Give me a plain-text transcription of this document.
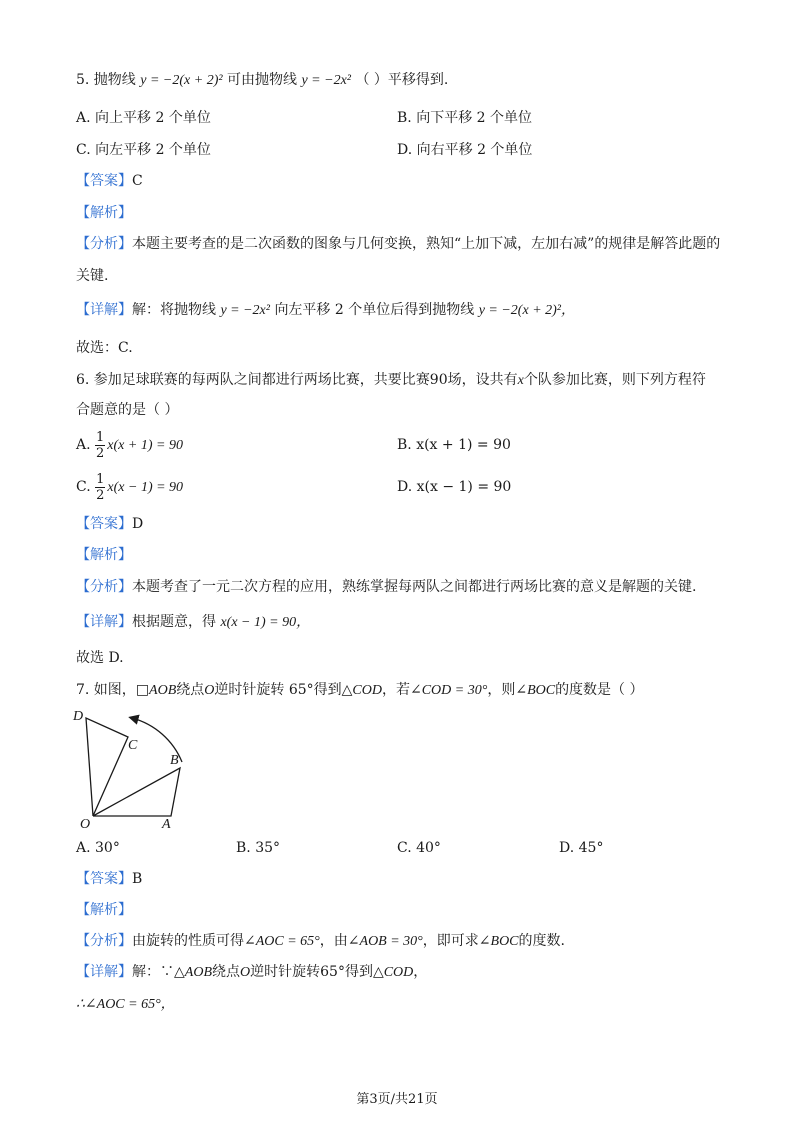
5. 抛物线 y = −2(x + 2)² 可由抛物线 y = −2x² （ ）平移得到.
A. 向上平移 2 个单位	B. 向下平移 2 个单位
C. 向左平移 2 个单位	D. 向右平移 2 个单位
【答案】C
【解析】
【分析】本题主要考查的是二次函数的图象与几何变换，熟知“上加下减，左加右减”的规律是解答此题的
关键.
【详解】解：将抛物线 y = −2x² 向左平移 2 个单位后得到抛物线 y = −2(x + 2)²，
故选：C.
6. 参加足球联赛的每两队之间都进行两场比赛，共要比赛90场，设共有x个队参加比赛，则下列方程符
合题意的是（ ）
A. $\frac{1}{2} x(x + 1) = 90$	B. x(x + 1) = 90
C. $\frac{1}{2} x(x - 1) = 90$	D. x(x − 1) = 90
【答案】D
【解析】
【分析】本题考查了一元二次方程的应用，熟练掌握每两队之间都进行两场比赛的意义是解题的关键.
【详解】根据题意，得 x(x − 1) = 90，
故选 D.
7. 如图，□AOB绕点O逆时针旋转 65°得到△COD，若∠COD = 30°，则∠BOC的度数是（ ）
D
C
B
O	A
A. 30°	B. 35°	C. 40°	D. 45°
【答案】B
【解析】
【分析】由旋转的性质可得∠AOC = 65°，由∠AOB = 30°，即可求∠BOC的度数.
【详解】解：∵△AOB绕点O逆时针旋转65°得到△COD，
∴∠AOC = 65°，
第3页/共21页
